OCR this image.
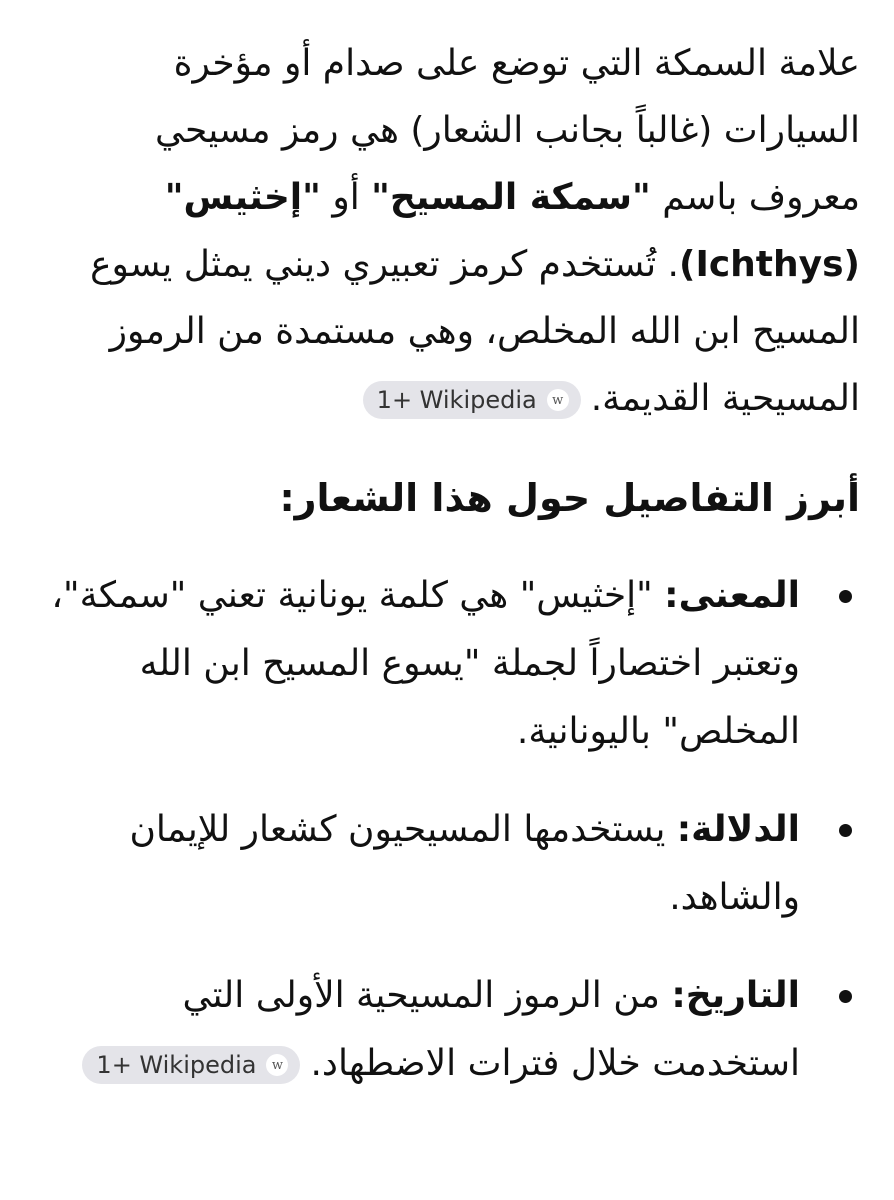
علامة السمكة التي توضع على صدام أو مؤخرة السيارات (غالباً بجانب الشعار) هي رمز مسيحي معروف باسم "سمكة المسيح" أو "إخثيس" (Ichthys). تُستخدم كرمز تعبيري ديني يمثل يسوع المسيح ابن الله المخلص، وهي مستمدة من الرموز المسيحية القديمة.
1+ Wikipedia	w

أبرز التفاصيل حول هذا الشعار:
المعنى: "إخثيس" هي كلمة يونانية تعني "سمكة"، وتعتبر اختصاراً لجملة "يسوع المسيح ابن الله المخلص" باليونانية.
الدلالة: يستخدمها المسيحيون كشعار للإيمان والشاهد.
التاريخ: من الرموز المسيحية الأولى التي استخدمت خلال فترات الاضطهاد.
1+ Wikipedia	w
